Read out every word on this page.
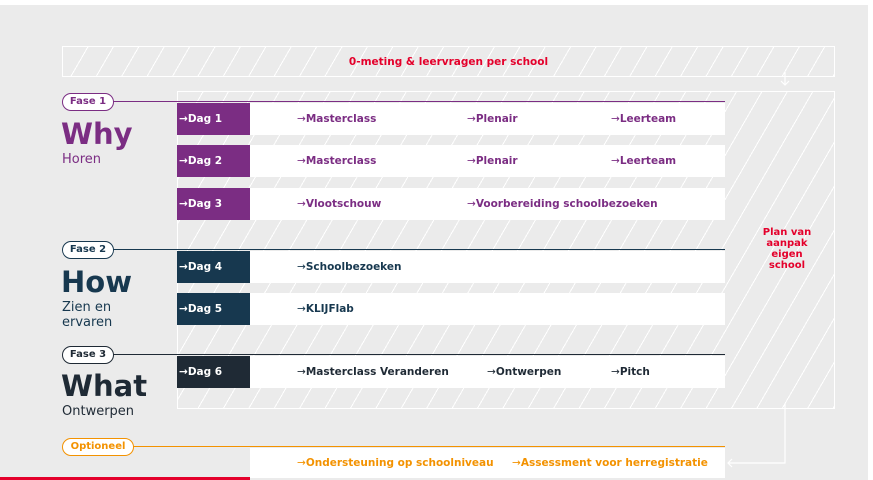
0-meting & leervragen per school
Plan van
aanpak
eigen
school
Fase 1
Fase 2
Fase 3
Optioneel
Why
Horen
How
Zien en
ervaren
What
Ontwerpen
→Dag 1	→Masterclass	→Plenair	→Leerteam
→Dag 2	→Masterclass	→Plenair	→Leerteam
→Dag 3	→Vlootschouw	→Voorbereiding schoolbezoeken
→Dag 4	→Schoolbezoeken
→Dag 5	→KLIJFlab
→Dag 6	→Masterclass Veranderen	→Ontwerpen	→Pitch
→Ondersteuning op schoolniveau →Assessment voor herregistratie
